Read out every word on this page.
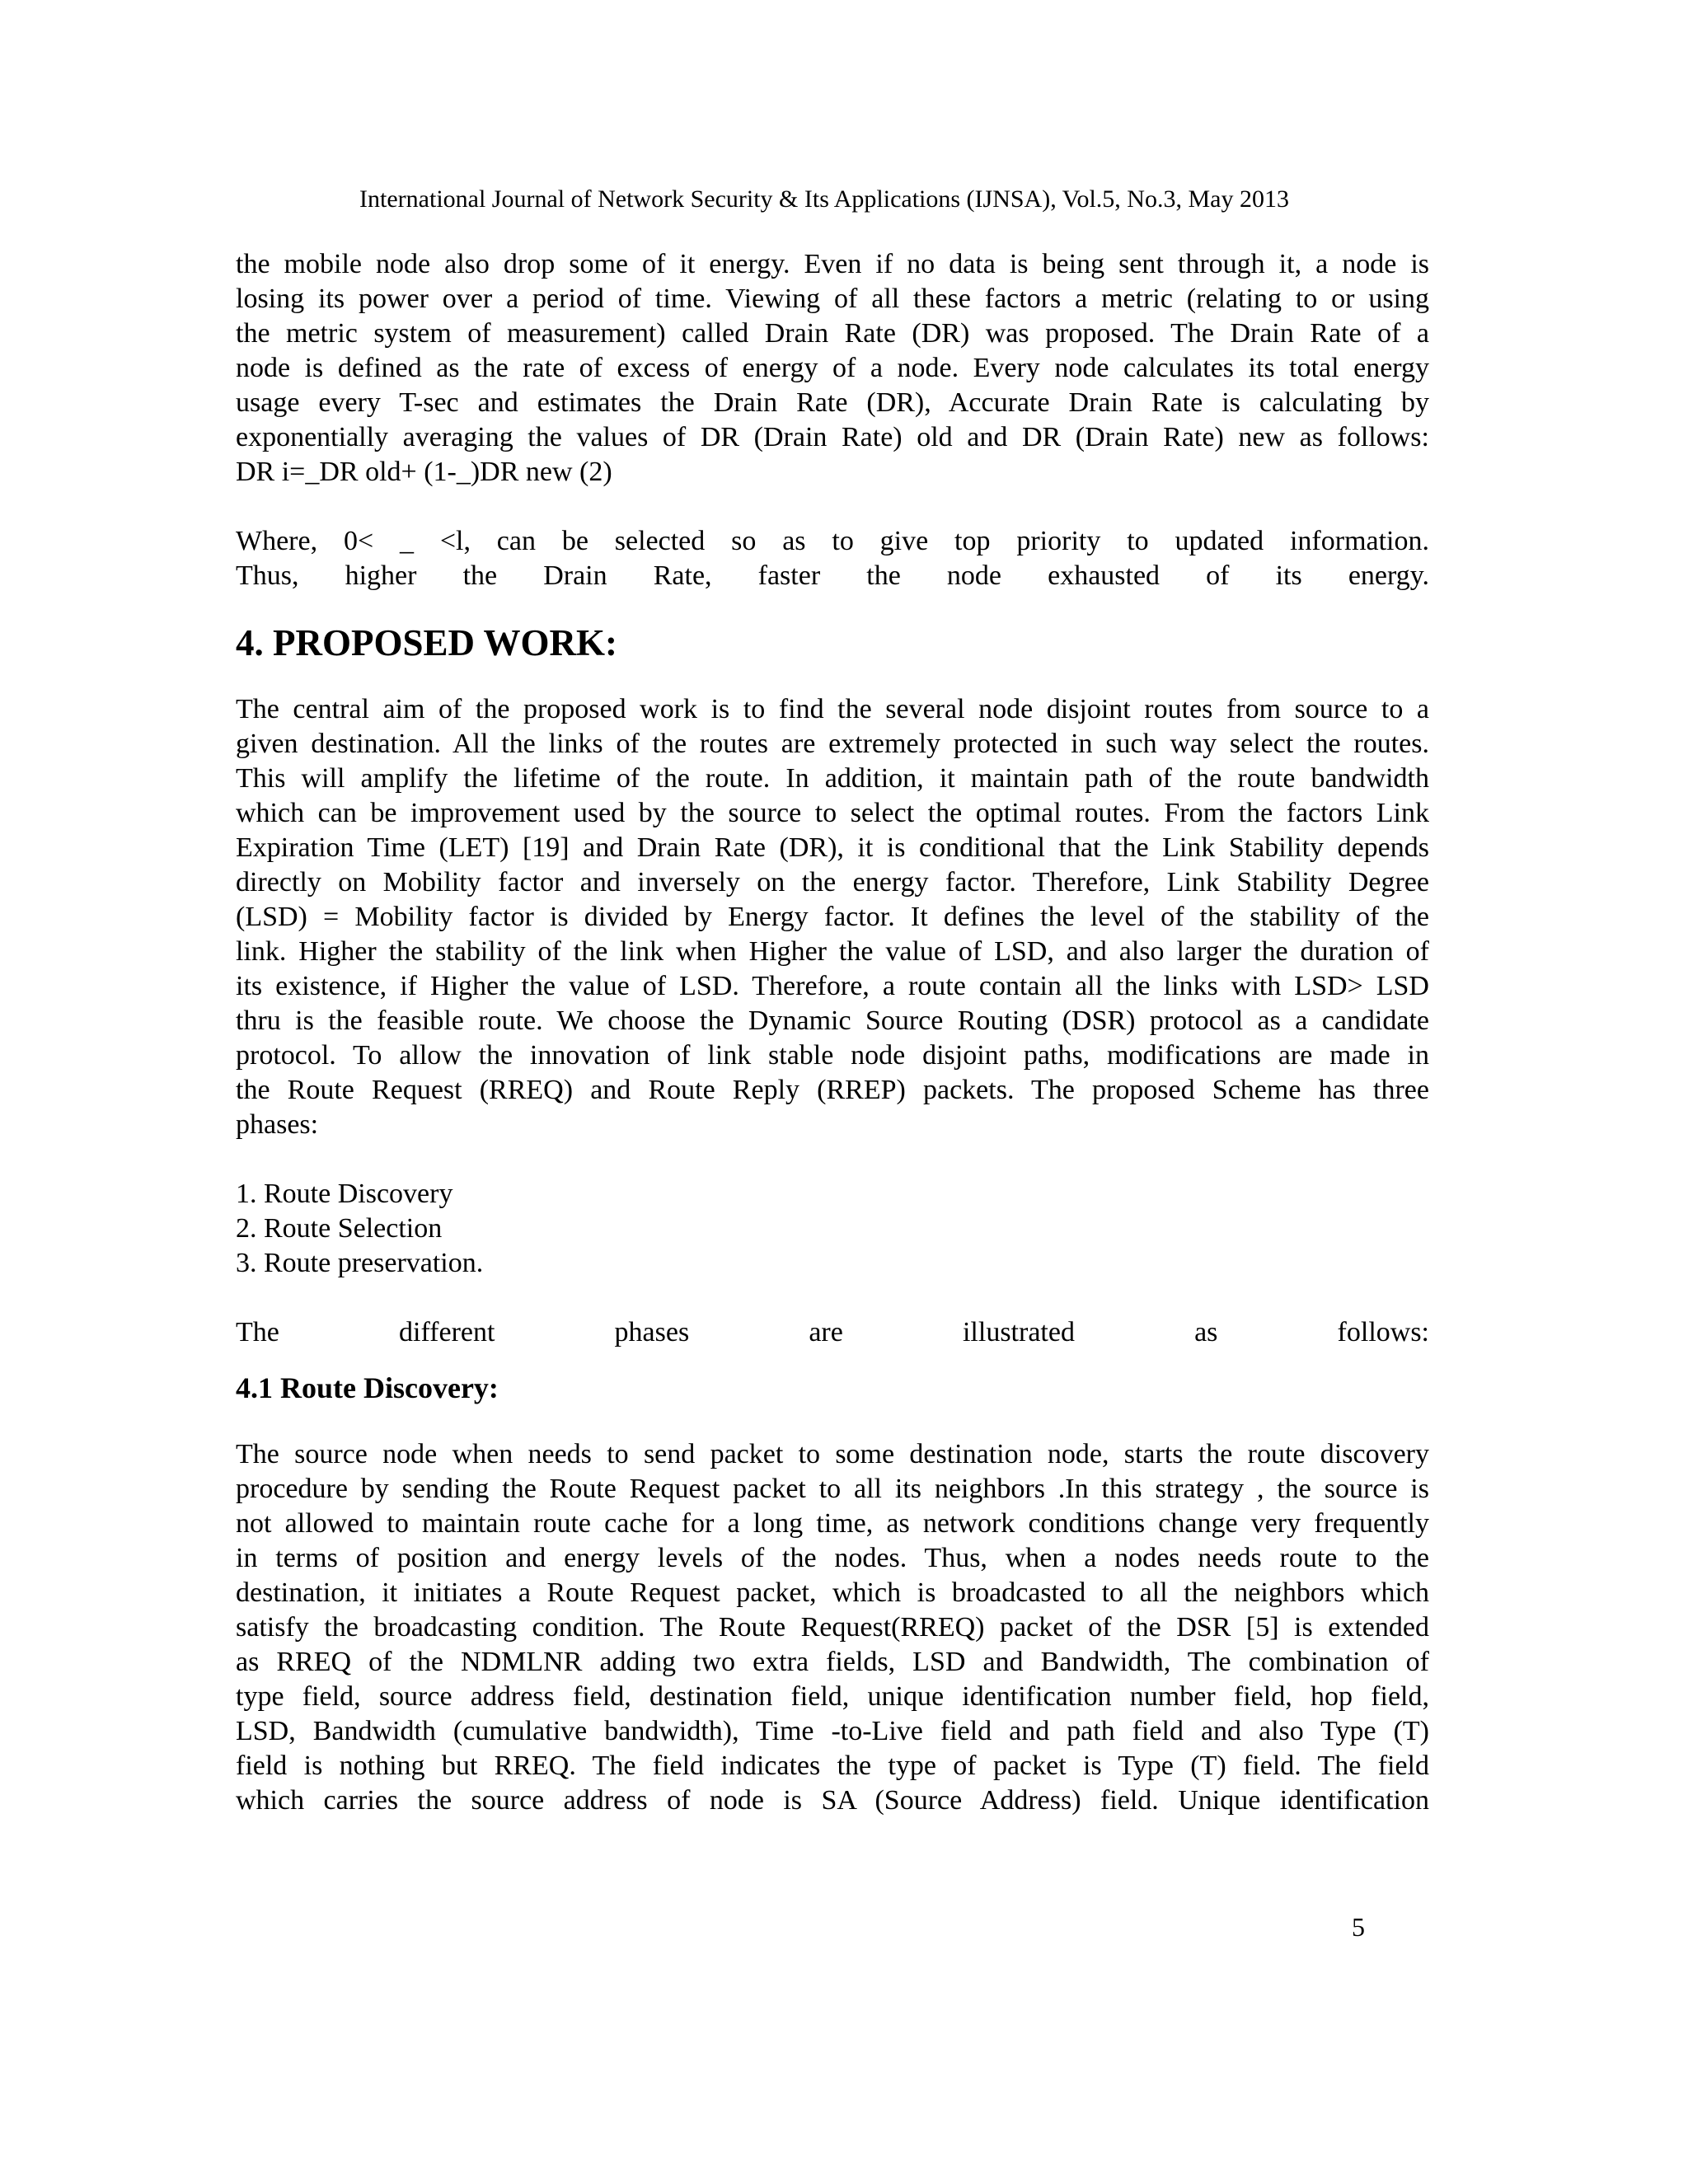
International Journal of Network Security & Its Applications (IJNSA), Vol.5, No.3, May 2013

the mobile node also drop some of it energy. Even if no data is being sent through it, a node is
losing its power over a period of time. Viewing of all these factors a metric (relating to or using
the metric system of measurement) called Drain Rate (DR) was proposed. The Drain Rate of a
node is defined as the rate of excess of energy of a node. Every node calculates its total energy
usage every T-sec and estimates the Drain Rate (DR), Accurate Drain Rate is calculating by
exponentially averaging the values of DR (Drain Rate) old and DR (Drain Rate) new as follows:
DR i=_DR old+ (1-_)DR new (2)

Where, 0< _ <l, can be selected so as to give top priority to updated information.
Thus, higher the Drain Rate, faster the node exhausted of its energy.

4. PROPOSED WORK:

The central aim of the proposed work is to find the several node disjoint routes from source to a
given destination. All the links of the routes are extremely protected in such way select the routes.
This will amplify the lifetime of the route. In addition, it maintain path of the route bandwidth
which can be improvement used by the source to select the optimal routes. From the factors Link
Expiration Time (LET) [19] and Drain Rate (DR), it is conditional that the Link Stability depends
directly on Mobility factor and inversely on the energy factor. Therefore, Link Stability Degree
(LSD) = Mobility factor is divided by Energy factor. It defines the level of the stability of the
link. Higher the stability of the link when Higher the value of LSD, and also larger the duration of
its existence, if Higher the value of LSD. Therefore, a route contain all the links with LSD> LSD
thru is the feasible route. We choose the Dynamic Source Routing (DSR) protocol as a candidate
protocol. To allow the innovation of link stable node disjoint paths, modifications are made in
the Route Request (RREQ) and Route Reply (RREP) packets. The proposed Scheme has three
phases:

1. Route Discovery
2. Route Selection
3. Route preservation.

The different phases are illustrated as follows:

4.1 Route Discovery:

The source node when needs to send packet to some destination node, starts the route discovery
procedure by sending the Route Request packet to all its neighbors .In this strategy , the source is
not allowed to maintain route cache for a long time, as network conditions change very frequently
in terms of position and energy levels of the nodes. Thus, when a nodes needs route to the
destination, it initiates a Route Request packet, which is broadcasted to all the neighbors which
satisfy the broadcasting condition. The Route Request(RREQ) packet of the DSR [5] is extended
as RREQ of the NDMLNR adding two extra fields, LSD and Bandwidth, The combination of
type field, source address field, destination field, unique identification number field, hop field,
LSD, Bandwidth (cumulative bandwidth), Time -to-Live field and path field and also Type (T)
field is nothing but RREQ. The field indicates the type of packet is Type (T) field. The field
which carries the source address of node is SA (Source Address) field. Unique identification

5
